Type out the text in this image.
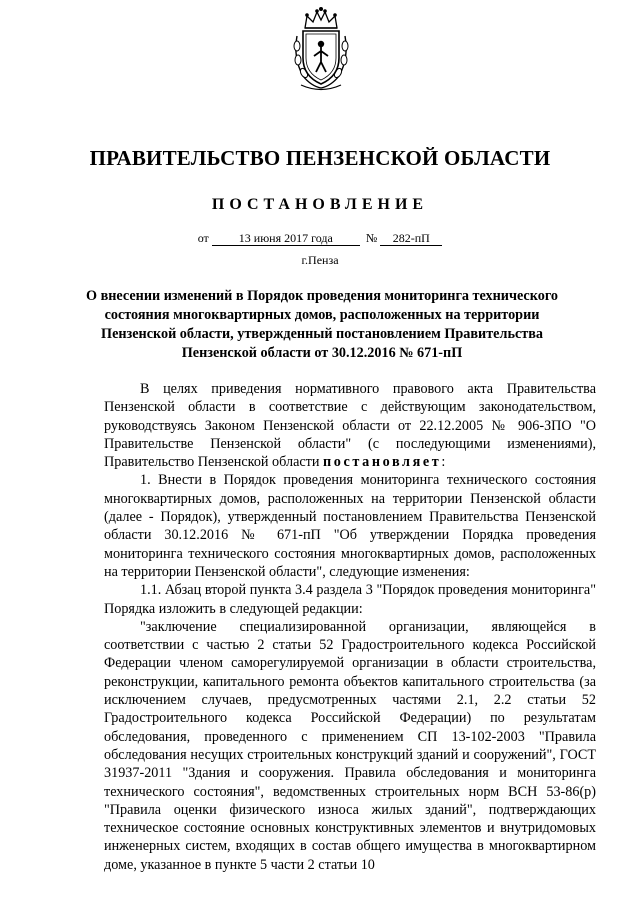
ПРАВИТЕЛЬСТВО ПЕНЗЕНСКОЙ ОБЛАСТИ
ПОСТАНОВЛЕНИЕ
от 13 июня 2017 года	№ 282-пП
г.Пенза
О внесении изменений в Порядок проведения мониторинга технического состояния многоквартирных домов, расположенных на территории Пензенской области, утвержденный постановлением Правительства Пензенской области от 30.12.2016 № 671-пП

В целях приведения нормативного правового акта Правительства Пензенской области в соответствие с действующим законодательством, руководствуясь Законом Пензенской области от 22.12.2005 № 906-ЗПО "О Правительстве Пензенской области" (с последующими изменениями), Правительство Пензенской области постановляет:

1. Внести в Порядок проведения мониторинга технического состояния многоквартирных домов, расположенных на территории Пензенской области (далее - Порядок), утвержденный постановлением Правительства Пензенской области 30.12.2016 № 671-пП "Об утверждении Порядка проведения мониторинга технического состояния многоквартирных домов, расположенных на территории Пензенской области", следующие изменения:

1.1. Абзац второй пункта 3.4 раздела 3 "Порядок проведения мониторинга" Порядка изложить в следующей редакции:

"заключение специализированной организации, являющейся в соответствии с частью 2 статьи 52 Градостроительного кодекса Российской Федерации членом саморегулируемой организации в области строительства, реконструкции, капитального ремонта объектов капитального строительства (за исключением случаев, предусмотренных частями 2.1, 2.2 статьи 52 Градостроительного кодекса Российской Федерации) по результатам обследования, проведенного с применением СП 13-102-2003 "Правила обследования несущих строительных конструкций зданий и сооружений", ГОСТ 31937-2011 "Здания и сооружения. Правила обследования и мониторинга технического состояния", ведомственных строительных норм ВСН 53-86(р) "Правила оценки физического износа жилых зданий", подтверждающих техническое состояние основных конструктивных элементов и внутридомовых инженерных систем, входящих в состав общего имущества в многоквартирном доме, указанное в пункте 5 части 2 статьи 10
